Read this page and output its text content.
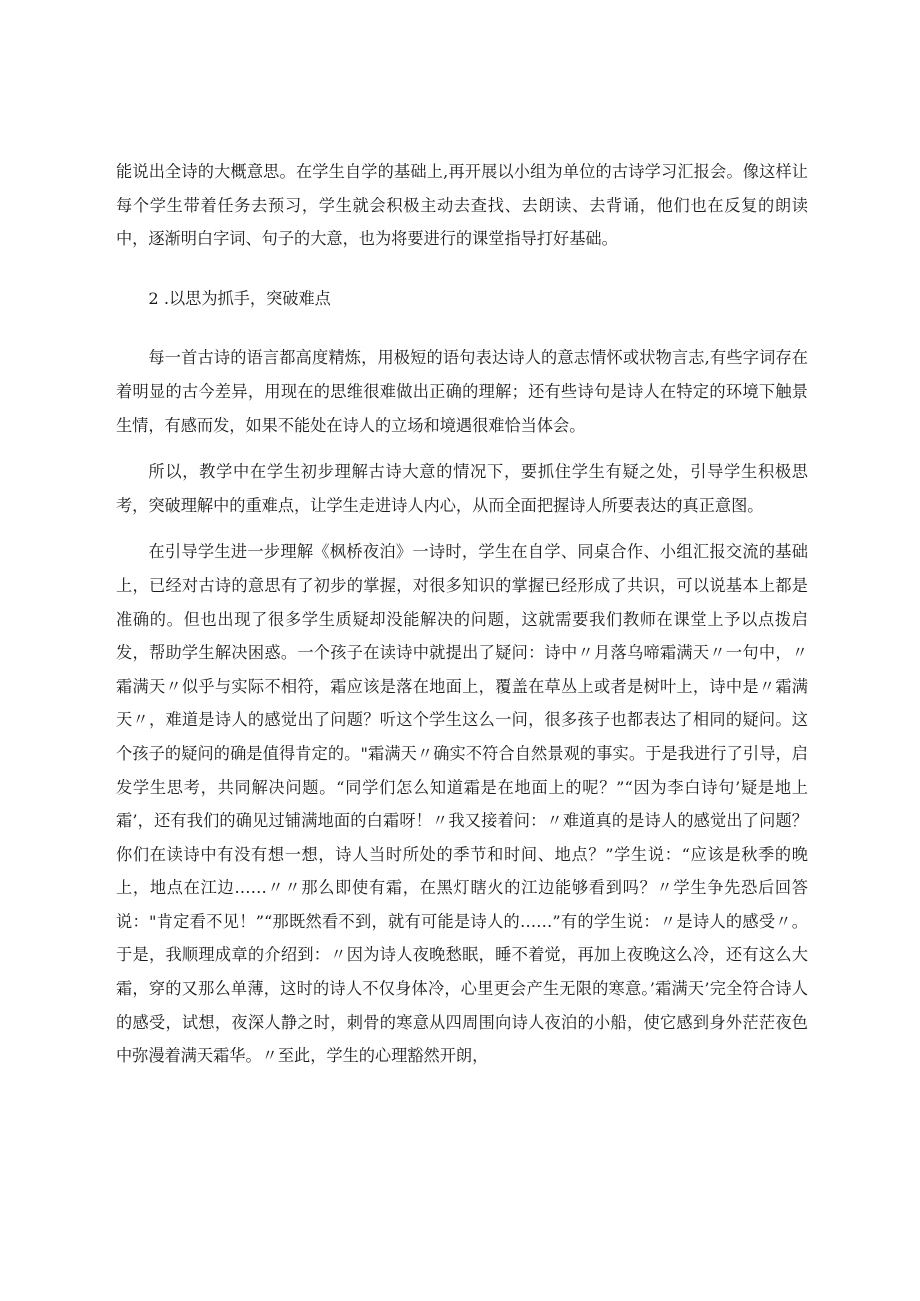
能说出全诗的大概意思。在学生自学的基础上,再开展以小组为单位的古诗学习汇报会。像这样让每个学生带着任务去预习，学生就会积极主动去查找、去朗读、去背诵，他们也在反复的朗读中，逐渐明白字词、句子的大意，也为将要进行的课堂指导打好基础。

2 .以思为抓手，突破难点

每一首古诗的语言都高度精炼，用极短的语句表达诗人的意志情怀或状物言志,有些字词存在着明显的古今差异，用现在的思维很难做出正确的理解；还有些诗句是诗人在特定的环境下触景生情，有感而发，如果不能处在诗人的立场和境遇很难恰当体会。

所以，教学中在学生初步理解古诗大意的情况下，要抓住学生有疑之处，引导学生积极思考，突破理解中的重难点，让学生走进诗人内心，从而全面把握诗人所要表达的真正意图。

在引导学生进一步理解《枫桥夜泊》一诗时，学生在自学、同桌合作、小组汇报交流的基础上，已经对古诗的意思有了初步的掌握，对很多知识的掌握已经形成了共识，可以说基本上都是准确的。但也出现了很多学生质疑却没能解决的问题，这就需要我们教师在课堂上予以点拨启发，帮助学生解决困惑。一个孩子在读诗中就提出了疑问：诗中〃月落乌啼霜满天〃一句中，〃霜满天〃似乎与实际不相符，霜应该是落在地面上，覆盖在草丛上或者是树叶上，诗中是〃霜满天〃，难道是诗人的感觉出了问题？听这个学生这么一问，很多孩子也都表达了相同的疑问。这个孩子的疑问的确是值得肯定的。"霜满天〃确实不符合自然景观的事实。于是我进行了引导，启发学生思考，共同解决问题。“同学们怎么知道霜是在地面上的呢？”“因为李白诗句’疑是地上霜’，还有我们的确见过铺满地面的白霜呀！〃我又接着问：〃难道真的是诗人的感觉出了问题？你们在读诗中有没有想一想，诗人当时所处的季节和时间、地点？”学生说：“应该是秋季的晚上，地点在江边……〃〃那么即使有霜，在黑灯瞎火的江边能够看到吗？〃学生争先恐后回答说："肯定看不见！”“那既然看不到，就有可能是诗人的……”有的学生说：〃是诗人的感受〃。于是，我顺理成章的介绍到：〃因为诗人夜晚愁眠，睡不着觉，再加上夜晚这么冷，还有这么大霜，穿的又那么单薄，这时的诗人不仅身体冷，心里更会产生无限的寒意。’霜满天’完全符合诗人的感受，试想，夜深人静之时，刺骨的寒意从四周围向诗人夜泊的小船，使它感到身外茫茫夜色中弥漫着满天霜华。〃至此，学生的心理豁然开朗，
